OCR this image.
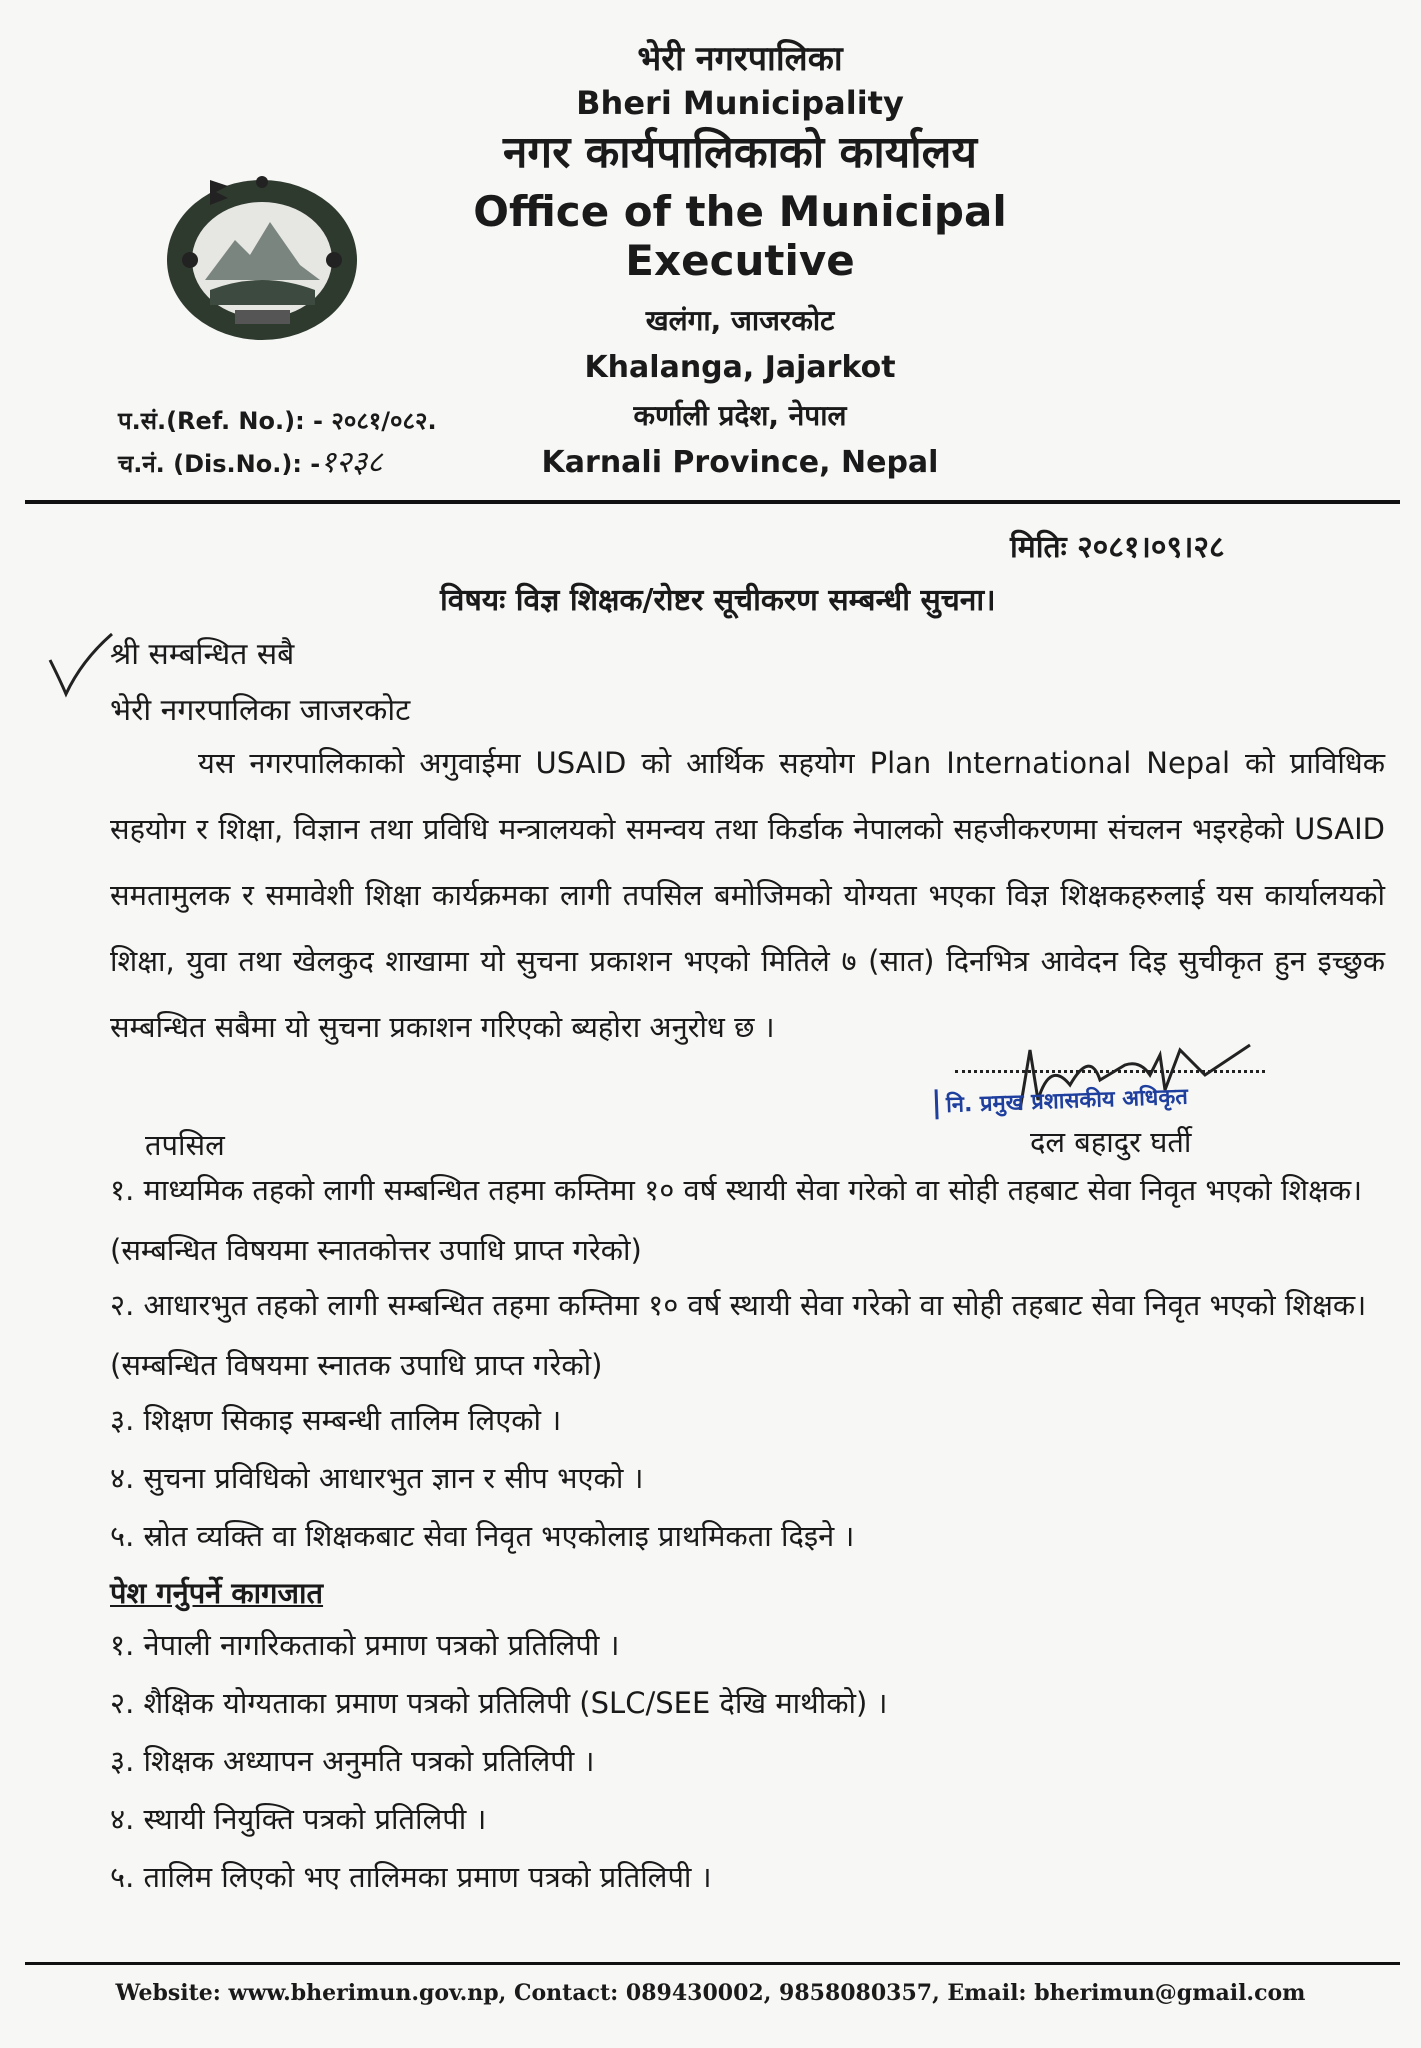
भेरी नगरपालिका
Bheri Municipality
नगर कार्यपालिकाको कार्यालय
Office of the Municipal Executive
खलंगा, जाजरकोट
Khalanga, Jajarkot
कर्णाली प्रदेश, नेपाल
Karnali Province, Nepal
प.सं.(Ref. No.): - २०८१/०८२.
च.नं. (Dis.No.): -१२३८
मितिः २०८१।०९।२८
विषयः विज्ञ शिक्षक/रोष्टर सूचीकरण सम्बन्धी सुचना।
श्री सम्बन्धित सबै
भेरी नगरपालिका जाजरकोट
यस नगरपालिकाको अगुवाईमा USAID को आर्थिक सहयोग Plan International Nepal को प्राविधिक सहयोग र शिक्षा, विज्ञान तथा प्रविधि मन्त्रालयको समन्वय तथा किर्डाक नेपालको सहजीकरणमा संचलन भइरहेको USAID समतामुलक र समावेशी शिक्षा कार्यक्रमका लागी तपसिल बमोजिमको योग्यता भएका विज्ञ शिक्षकहरुलाई यस कार्यालयको शिक्षा, युवा तथा खेलकुद शाखामा यो सुचना प्रकाशन भएको मितिले ७ (सात) दिनभित्र आवेदन दिइ सुचीकृत हुन इच्छुक सम्बन्धित सबैमा यो सुचना प्रकाशन गरिएको ब्यहोरा अनुरोध छ ।
नि. प्रमुख प्रशासकीय अधिकृत
दल बहादुर घर्ती
तपसिल
१. माध्यमिक तहको लागी सम्बन्धित तहमा कम्तिमा १० वर्ष स्थायी सेवा गरेको वा सोही तहबाट सेवा निवृत भएको शिक्षक। (सम्बन्धित विषयमा स्नातकोत्तर उपाधि प्राप्त गरेको)
२. आधारभुत तहको लागी सम्बन्धित तहमा कम्तिमा १० वर्ष स्थायी सेवा गरेको वा सोही तहबाट सेवा निवृत भएको शिक्षक। (सम्बन्धित विषयमा स्नातक उपाधि प्राप्त गरेको)
३. शिक्षण सिकाइ सम्बन्धी तालिम लिएको ।
४. सुचना प्रविधिको आधारभुत ज्ञान र सीप भएको ।
५. स्रोत व्यक्ति वा शिक्षकबाट सेवा निवृत भएकोलाइ प्राथमिकता दिइने ।
पेश गर्नुपर्ने कागजात
१. नेपाली नागरिकताको प्रमाण पत्रको प्रतिलिपी ।
२. शैक्षिक योग्यताका प्रमाण पत्रको प्रतिलिपी (SLC/SEE देखि माथीको) ।
३. शिक्षक अध्यापन अनुमति पत्रको प्रतिलिपी ।
४. स्थायी नियुक्ति पत्रको प्रतिलिपी ।
५. तालिम लिएको भए तालिमका प्रमाण पत्रको प्रतिलिपी ।
Website: www.bherimun.gov.np, Contact: 089430002, 9858080357, Email: bherimun@gmail.com
